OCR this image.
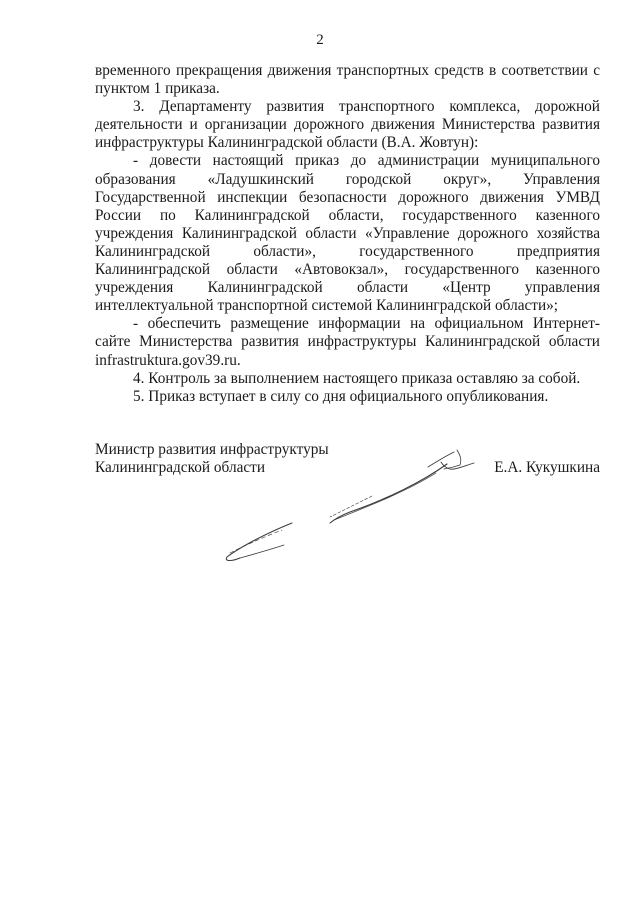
2

временного прекращения движения транспортных средств в соответствии с пунктом 1 приказа.

3. Департаменту развития транспортного комплекса, дорожной деятельности и организации дорожного движения Министерства развития инфраструктуры Калининградской области (В.А. Жовтун):

- довести настоящий приказ до администрации муниципального образования «Ладушкинский городской округ», Управления Государственной инспекции безопасности дорожного движения УМВД России по Калининградской области, государственного казенного учреждения Калининградской области «Управление дорожного хозяйства Калининградской области», государственного предприятия Калининградской области «Автовокзал», государственного казенного учреждения Калининградской области «Центр управления интеллектуальной транспортной системой Калининградской области»;

- обеспечить размещение информации на официальном Интернет-сайте Министерства развития инфраструктуры Калининградской области infrastruktura.gov39.ru.

4. Контроль за выполнением настоящего приказа оставляю за собой.

5. Приказ вступает в силу со дня официального опубликования.

Министр развития инфраструктуры
Калининградской области	Е.А. Кукушкина
